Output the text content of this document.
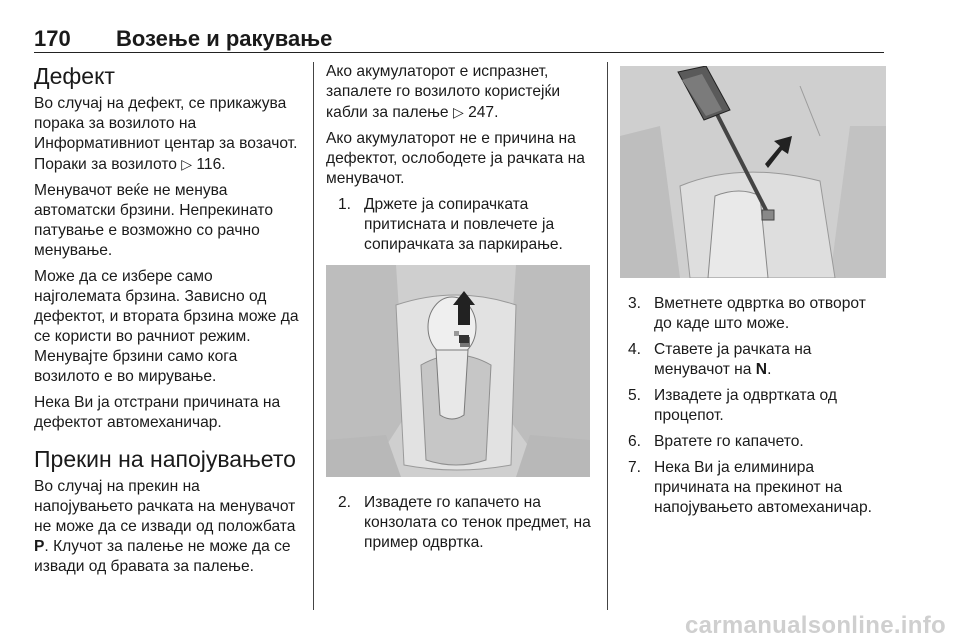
170 Возење и ракување
Дефект

Во случај на дефект, се прикажува порака за возилото на Информативниот центар за возачот. Пораки за возилото ▷ 116.

Менувачот веќе не менува автоматски брзини. Непрекинато патување е возможно со рачно менување.

Може да се избере само најголемата брзина. Зависно од дефектот, и втората брзина може да се користи во рачниот режим. Менувајте брзини само кога возилото е во мирување.

Нека Ви ја отстрани причината на дефектот автомеханичар.

Прекин на напојувањето

Во случај на прекин на напојувањето рачката на менувачот не може да се извади од положбата P. Клучот за палење не може да се извади од бравата за палење.

Ако акумулаторот е испразнет, запалете го возилото користејќи кабли за палење ▷ 247.

Ако акумулаторот не е причина на дефектот, ослободете ја рачката на менувачот.

1. Држете ја сопирачката притисната и повлечете ја сопирачката за паркирање.
2. Извадете го капачето на конзолата со тенок предмет, на пример одвртка.
3. Вметнете одвртка во отворот до каде што може.
4. Ставете ја рачката на менувачот на N.
5. Извадете ја одвртката од процепот.
6. Вратете го капачето.
7. Нека Ви ја елиминира причината на прекинот на напојувањето автомеханичар.
carmanualsonline.info
